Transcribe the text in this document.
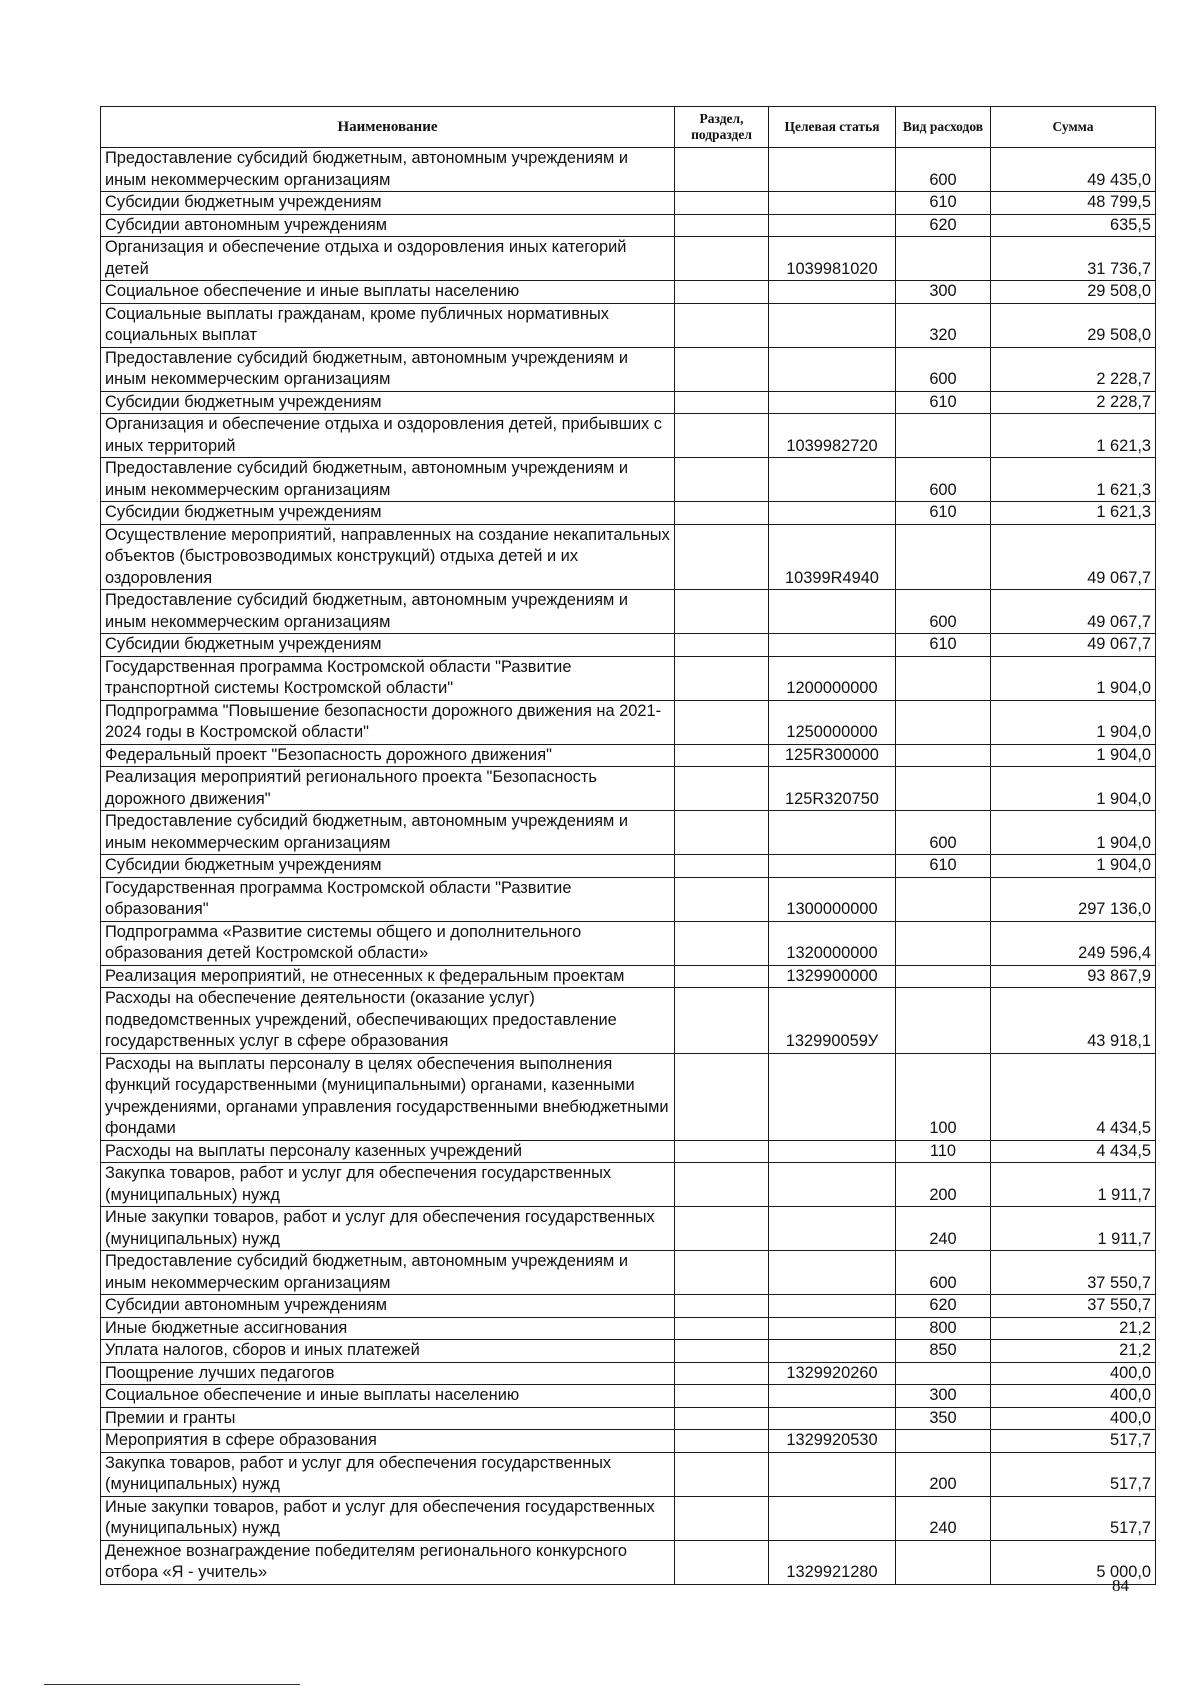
Наименование	Раздел, подраздел	Целевая статья	Вид расходов	Сумма
Предоставление субсидий бюджетным, автономным учреждениям и иным некоммерческим организациям			600	49 435,0
Субсидии бюджетным учреждениям			610	48 799,5
Субсидии автономным учреждениям			620	635,5
Организация и обеспечение отдыха и оздоровления иных категорий детей		1039981020		31 736,7
Социальное обеспечение и иные выплаты населению			300	29 508,0
Социальные выплаты гражданам, кроме публичных нормативных социальных выплат			320	29 508,0
Предоставление субсидий бюджетным, автономным учреждениям и иным некоммерческим организациям			600	2 228,7
Субсидии бюджетным учреждениям			610	2 228,7
Организация и обеспечение отдыха и оздоровления детей, прибывших с иных территорий		1039982720		1 621,3
Предоставление субсидий бюджетным, автономным учреждениям и иным некоммерческим организациям			600	1 621,3
Субсидии бюджетным учреждениям			610	1 621,3
Осуществление мероприятий, направленных на создание некапитальных объектов (быстровозводимых конструкций) отдыха детей и их оздоровления		10399R4940		49 067,7
Предоставление субсидий бюджетным, автономным учреждениям и иным некоммерческим организациям			600	49 067,7
Субсидии бюджетным учреждениям			610	49 067,7
Государственная программа Костромской области "Развитие транспортной системы Костромской области"		1200000000		1 904,0
Подпрограмма "Повышение безопасности дорожного движения на 2021-2024 годы в Костромской области"		1250000000		1 904,0
Федеральный проект "Безопасность дорожного движения"		125R300000		1 904,0
Реализация мероприятий регионального проекта "Безопасность дорожного движения"		125R320750		1 904,0
Предоставление субсидий бюджетным, автономным учреждениям и иным некоммерческим организациям			600	1 904,0
Субсидии бюджетным учреждениям			610	1 904,0
Государственная программа Костромской области "Развитие образования"		1300000000		297 136,0
Подпрограмма «Развитие системы общего и дополнительного образования детей Костромской области»		1320000000		249 596,4
Реализация мероприятий, не отнесенных к федеральным проектам		1329900000		93 867,9
Расходы на обеспечение деятельности (оказание услуг) подведомственных учреждений, обеспечивающих предоставление государственных услуг в сфере образования		132990059У		43 918,1
Расходы на выплаты персоналу в целях обеспечения выполнения функций государственными (муниципальными) органами, казенными учреждениями, органами управления государственными внебюджетными фондами			100	4 434,5
Расходы на выплаты персоналу казенных учреждений			110	4 434,5
Закупка товаров, работ и услуг для обеспечения государственных (муниципальных) нужд			200	1 911,7
Иные закупки товаров, работ и услуг для обеспечения государственных (муниципальных) нужд			240	1 911,7
Предоставление субсидий бюджетным, автономным учреждениям и иным некоммерческим организациям			600	37 550,7
Субсидии автономным учреждениям			620	37 550,7
Иные бюджетные ассигнования			800	21,2
Уплата налогов, сборов и иных платежей			850	21,2
Поощрение лучших педагогов		1329920260		400,0
Социальное обеспечение и иные выплаты населению			300	400,0
Премии и гранты			350	400,0
Мероприятия в сфере образования		1329920530		517,7
Закупка товаров, работ и услуг для обеспечения государственных (муниципальных) нужд			200	517,7
Иные закупки товаров, работ и услуг для обеспечения государственных (муниципальных) нужд			240	517,7
Денежное вознаграждение победителям регионального конкурсного отбора «Я - учитель»		1329921280		5 000,0
84
